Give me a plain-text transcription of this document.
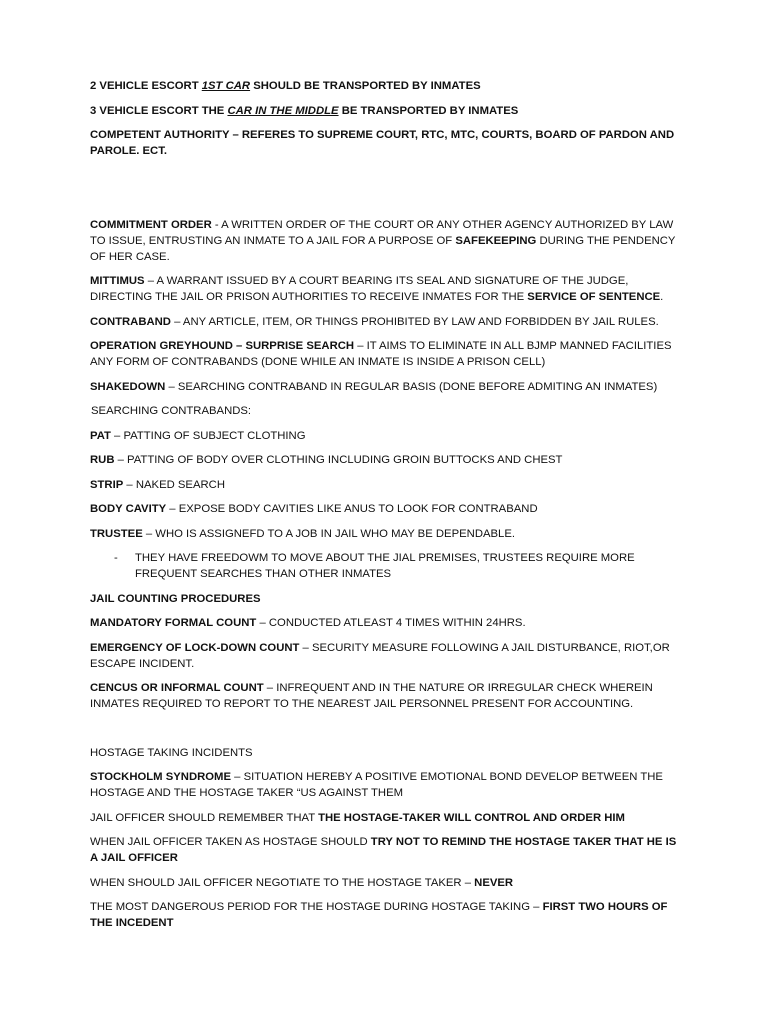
2 VEHICLE ESCORT 1ST CAR SHOULD BE TRANSPORTED BY INMATES

3 VEHICLE ESCORT THE CAR IN THE MIDDLE BE TRANSPORTED BY INMATES

COMPETENT AUTHORITY – REFERES TO SUPREME COURT, RTC, MTC, COURTS, BOARD OF PARDON AND PAROLE. ECT.

COMMITMENT ORDER - A WRITTEN ORDER OF THE COURT OR ANY OTHER AGENCY AUTHORIZED BY LAW TO ISSUE, ENTRUSTING AN INMATE TO A JAIL FOR A PURPOSE OF SAFEKEEPING DURING THE PENDENCY OF HER CASE.

MITTIMUS – A WARRANT ISSUED BY A COURT BEARING ITS SEAL AND SIGNATURE OF THE JUDGE, DIRECTING THE JAIL OR PRISON AUTHORITIES TO RECEIVE INMATES FOR THE SERVICE OF SENTENCE.

CONTRABAND – ANY ARTICLE, ITEM, OR THINGS PROHIBITED BY LAW AND FORBIDDEN BY JAIL RULES.

OPERATION GREYHOUND – SURPRISE SEARCH – IT AIMS TO ELIMINATE IN ALL BJMP MANNED FACILITIES ANY FORM OF CONTRABANDS (DONE WHILE AN INMATE IS INSIDE A PRISON CELL)

SHAKEDOWN – SEARCHING CONTRABAND IN REGULAR BASIS (DONE BEFORE ADMITING AN INMATES)

SEARCHING CONTRABANDS:

PAT – PATTING OF SUBJECT CLOTHING

RUB – PATTING OF BODY OVER CLOTHING INCLUDING GROIN BUTTOCKS AND CHEST

STRIP – NAKED SEARCH

BODY CAVITY – EXPOSE BODY CAVITIES LIKE ANUS TO LOOK FOR CONTRABAND

TRUSTEE – WHO IS ASSIGNEFD TO A JOB IN JAIL WHO MAY BE DEPENDABLE.

-	THEY HAVE FREEDOWM TO MOVE ABOUT THE JIAL PREMISES, TRUSTEES REQUIRE MORE FREQUENT SEARCHES THAN OTHER INMATES

JAIL COUNTING PROCEDURES

MANDATORY FORMAL COUNT – CONDUCTED ATLEAST 4 TIMES WITHIN 24HRS.

EMERGENCY OF LOCK-DOWN COUNT – SECURITY MEASURE FOLLOWING A JAIL DISTURBANCE, RIOT,OR ESCAPE INCIDENT.

CENCUS OR INFORMAL COUNT – INFREQUENT AND IN THE NATURE OR IRREGULAR CHECK WHEREIN INMATES REQUIRED TO REPORT TO THE NEAREST JAIL PERSONNEL PRESENT FOR ACCOUNTING.

HOSTAGE TAKING INCIDENTS

STOCKHOLM SYNDROME – SITUATION HEREBY A POSITIVE EMOTIONAL BOND DEVELOP BETWEEN THE HOSTAGE AND THE HOSTAGE TAKER “US AGAINST THEM

JAIL OFFICER SHOULD REMEMBER THAT THE HOSTAGE-TAKER WILL CONTROL AND ORDER HIM

WHEN JAIL OFFICER TAKEN AS HOSTAGE SHOULD TRY NOT TO REMIND THE HOSTAGE TAKER THAT HE IS A JAIL OFFICER

WHEN SHOULD JAIL OFFICER NEGOTIATE TO THE HOSTAGE TAKER – NEVER

THE MOST DANGEROUS PERIOD FOR THE HOSTAGE DURING HOSTAGE TAKING – FIRST TWO HOURS OF THE INCEDENT
